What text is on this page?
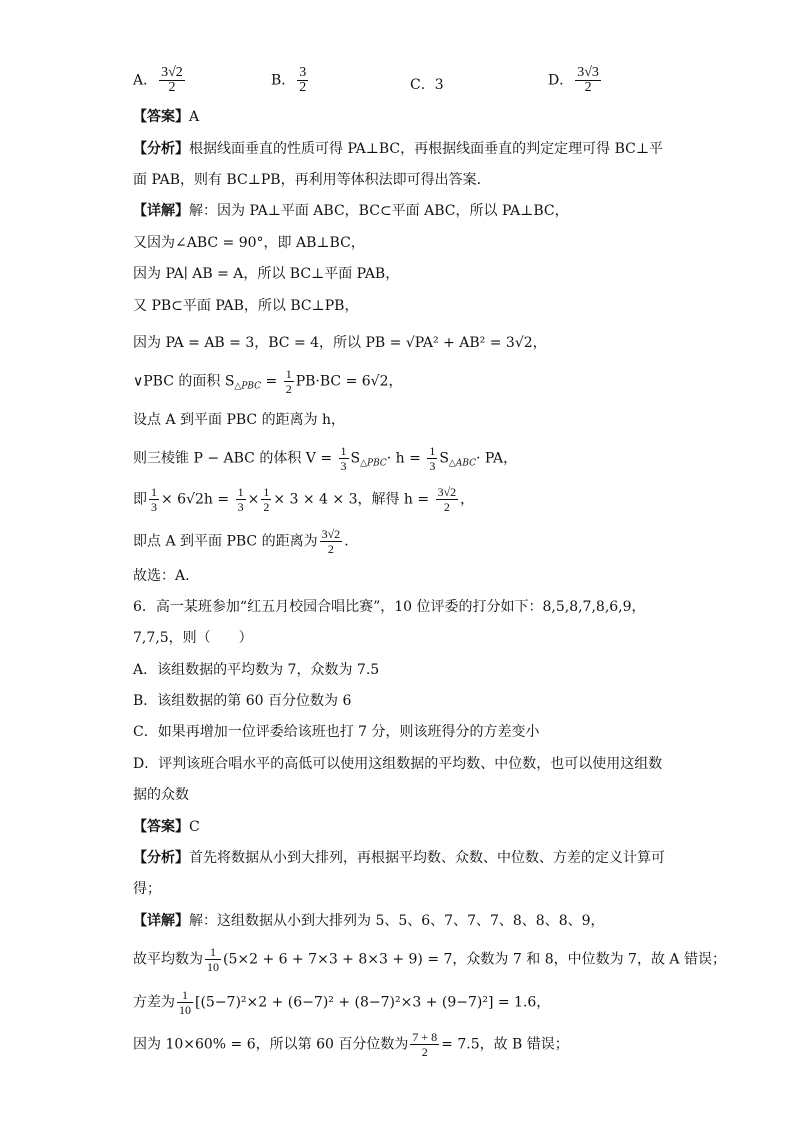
A． $\frac{3√2}{2}$	B． $\frac{3}{2}$	C．3	D． $\frac{3√3}{2}$
【答案】A
【分析】根据线面垂直的性质可得 PA⊥BC，再根据线面垂直的判定定理可得 BC⊥平
面 PAB，则有 BC⊥PB，再利用等体积法即可得出答案.
【详解】解：因为 PA⊥平面 ABC，BC⊂平面 ABC，所以 PA⊥BC，
又因为∠ABC = 90°，即 AB⊥BC，
因为 PA∣ AB = A，所以 BC⊥平面 PAB，
又 PB⊂平面 PAB，所以 BC⊥PB，
因为 PA = AB = 3，BC = 4，所以 PB = √PA² + AB² = 3√2，
∨PBC 的面积 $S_{\triangle PBC} = \frac{1}{2} PB\cdot BC = 6√2$，
设点 A 到平面 PBC 的距离为 h，
则三棱锥 P − ABC 的体积 $V = \frac{1}{3} S_{\triangle PBC}\cdot h = \frac{1}{3} S_{\triangle ABC}\cdot$ PA，
即 $\frac{1}{3} \times 6√2h = \frac{1}{3} \times \frac{1}{2} \times 3 \times 4 \times 3$，解得 $h = \frac{3√2}{2}$ ，
即点 A 到平面 PBC 的距离为 $\frac{3√2}{2}$ .
故选：A.
6．高一某班参加“红五月校园合唱比赛”，10 位评委的打分如下：8,5,8,7,8,6,9，
7,7,5，则（　　）
A．该组数据的平均数为 7，众数为 7.5
B．该组数据的第 60 百分位数为 6
C．如果再增加一位评委给该班也打 7 分，则该班得分的方差变小
D．评判该班合唱水平的高低可以使用这组数据的平均数、中位数，也可以使用这组数
据的众数
【答案】C
【分析】首先将数据从小到大排列，再根据平均数、众数、中位数、方差的定义计算可
得；
【详解】解：这组数据从小到大排列为 5、5、6、7、7、7、8、8、8、9，
故平均数为 $\frac{1}{10} (5\times 2 + 6 + 7\times 3 + 8\times 3 + 9) = 7$，众数为 7 和 8，中位数为 7，故 A 错误；
方差为 $\frac{1}{10} [(5-7)^2\times 2 + (6-7)^2 + (8-7)^2\times 3 + (9-7)^2] = 1.6$，
因为 10×60% = 6，所以第 60 百分位数为 $\frac{7 + 8}{2} = 7.5$，故 B 错误；
